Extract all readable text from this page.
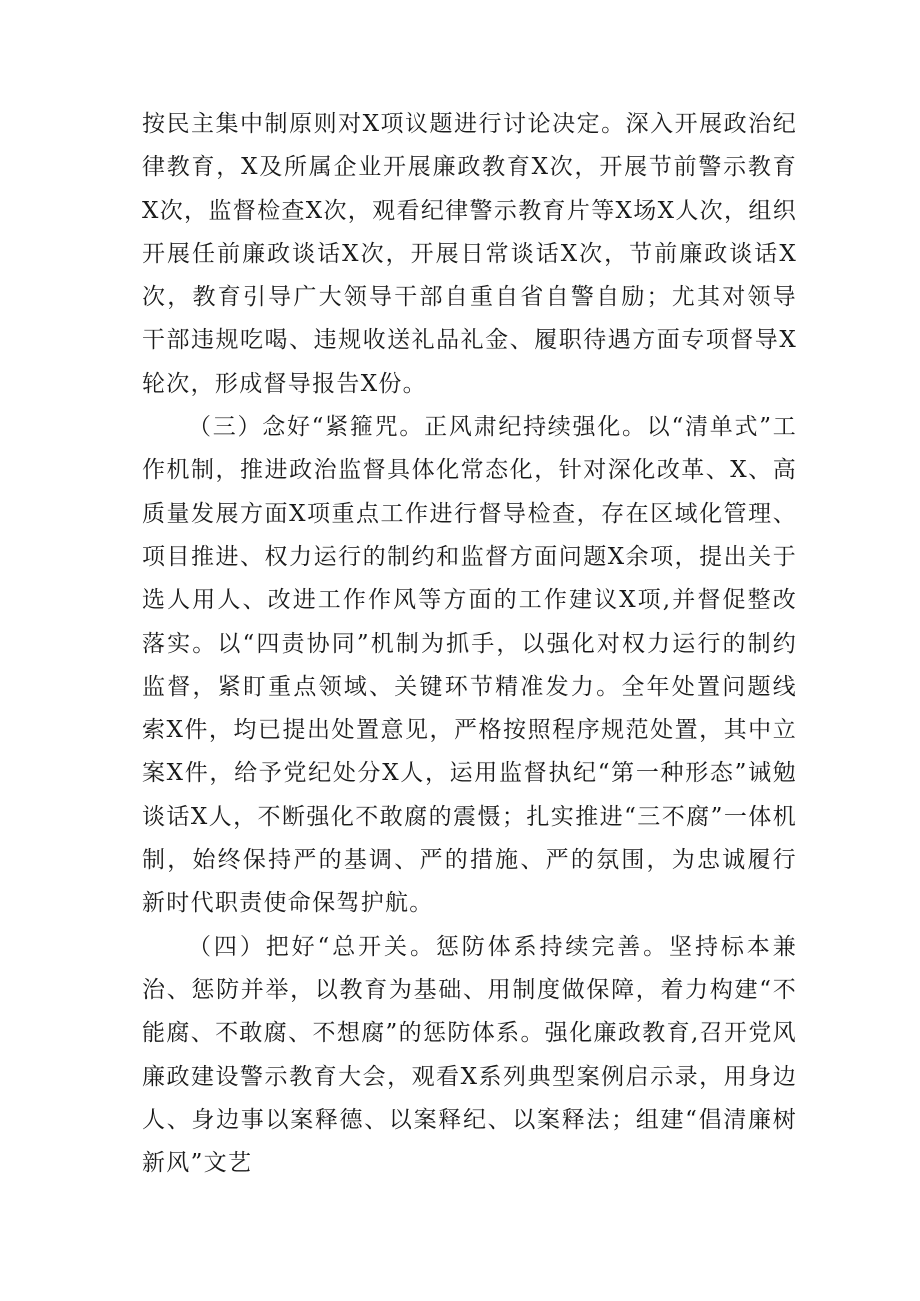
按民主集中制原则对X项议题进行讨论决定。深入开展政治纪律教育，X及所属企业开展廉政教育X次，开展节前警示教育X次，监督检查X次，观看纪律警示教育片等X场X人次，组织开展任前廉政谈话X次，开展日常谈话X次，节前廉政谈话X次，教育引导广大领导干部自重自省自警自励；尤其对领导干部违规吃喝、违规收送礼品礼金、履职待遇方面专项督导X轮次，形成督导报告X份。

（三）念好“紧箍咒。正风肃纪持续强化。以“清单式”工作机制，推进政治监督具体化常态化，针对深化改革、X、高质量发展方面X项重点工作进行督导检查，存在区域化管理、项目推进、权力运行的制约和监督方面问题X余项，提出关于选人用人、改进工作作风等方面的工作建议X项,并督促整改落实。以“四责协同”机制为抓手，以强化对权力运行的制约监督，紧盯重点领域、关键环节精准发力。全年处置问题线索X件，均已提出处置意见，严格按照程序规范处置，其中立案X件，给予党纪处分X人，运用监督执纪“第一种形态”诫勉谈话X人，不断强化不敢腐的震慑；扎实推进“三不腐”一体机制，始终保持严的基调、严的措施、严的氛围，为忠诚履行新时代职责使命保驾护航。

（四）把好“总开关。惩防体系持续完善。坚持标本兼治、惩防并举，以教育为基础、用制度做保障，着力构建“不能腐、不敢腐、不想腐”的惩防体系。强化廉政教育,召开党风廉政建设警示教育大会，观看X系列典型案例启示录，用身边人、身边事以案释德、以案释纪、以案释法；组建“倡清廉树新风”文艺
